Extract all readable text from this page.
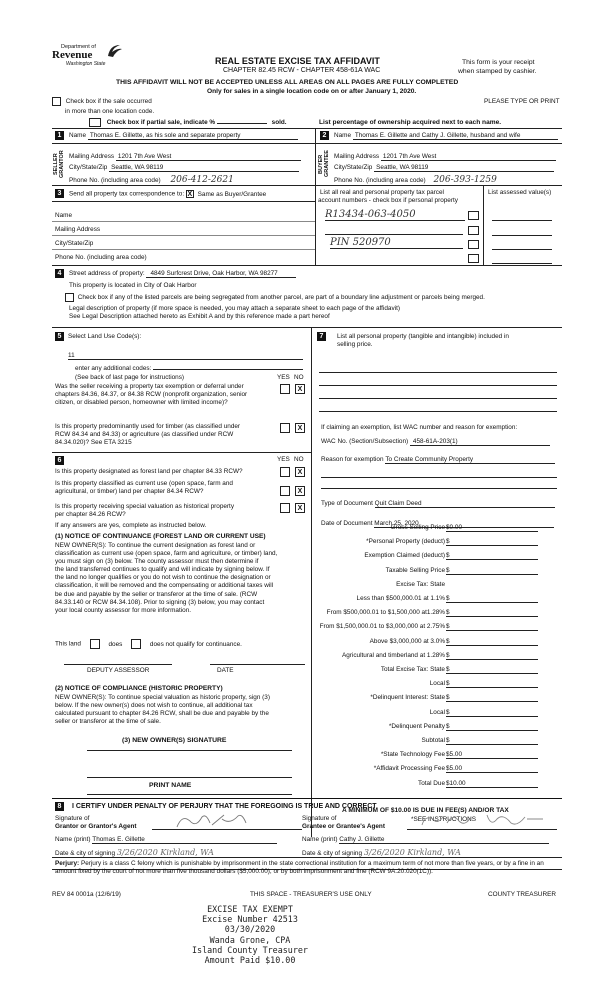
Department of
Revenue
Washington State	REAL ESTATE EXCISE TAX AFFIDAVIT
CHAPTER 82.45 RCW - CHAPTER 458-61A WAC
This form is your receipt
when stamped by cashier.
THIS AFFIDAVIT WILL NOT BE ACCEPTED UNLESS ALL AREAS ON ALL PAGES ARE FULLY COMPLETED
Only for sales in a single location code on or after January 1, 2020.
Check box if the sale occurred
in more than one location code.
PLEASE TYPE OR PRINT
Check box if partial sale, indicate %	sold.	List percentage of ownership acquired next to each name.
1
SELLER GRANTOR
Name Thomas E. Gillette, as his sole and separate property
Mailing Address 1201 7th Ave West
City/State/Zip Seattle, WA 98119
Phone No. (including area code) 206-412-2621
2
BUYER GRANTEE
Name Thomas E. Gillette and Cathy J. Gillette, husband and wife
Mailing Address 1201 7th Ave West
City/State/Zip Seattle, WA 98119
Phone No. (including area code) 206-393-1259
3	Send all property tax correspondence to: X Same as Buyer/Grantee
Name
Mailing Address
City/State/Zip
Phone No. (including area code)
List all real and personal property tax parcel
account numbers - check box if personal property
List assessed value(s)
R13434-063-4050
PIN 520970
4	Street address of property: 4849 Surfcrest Drive, Oak Harbor, WA 98277
This property is located in City of Oak Harbor
Check box if any of the listed parcels are being segregated from another parcel, are part of a boundary line adjustment or parcels being merged.
Legal description of property (if more space is needed, you may attach a separate sheet to each page of the affidavit)
See Legal Description attached hereto as Exhibit A and by this reference made a part hereof
5	Select Land Use Code(s):
11
enter any additional codes:
(See back of last page for instructions)	YES NO
Was the seller receiving a property tax exemption or deferral under
chapters 84.36, 84.37, or 84.38 RCW (nonprofit organization, senior
citizen, or disabled person, homeowner with limited income)?
X
Is this property predominantly used for timber (as classified under
RCW 84.34 and 84.33) or agriculture (as classified under RCW
84.34.020)? See ETA 3215
X
6	YES NO
Is this property designated as forest land per chapter 84.33 RCW?	X
Is this property classified as current use (open space, farm and
agricultural, or timber) land per chapter 84.34 RCW?	X
Is this property receiving special valuation as historical property
per chapter 84.26 RCW?
X
If any answers are yes, complete as instructed below.
(1) NOTICE OF CONTINUANCE (FOREST LAND OR CURRENT USE)
NEW OWNER(S): To continue the current designation as forest land or
classification as current use (open space, farm and agriculture, or timber) land,
you must sign on (3) below. The county assessor must then determine if
the land transferred continues to qualify and will indicate by signing below. If
the land no longer qualifies or you do not wish to continue the designation or
classification, it will be removed and the compensating or additional taxes will
be due and payable by the seller or transferor at the time of sale. (RCW
84.33.140 or RCW 84.34.108). Prior to signing (3) below, you may contact
your local county assessor for more information.
This land	does	does not qualify for continuance.
DEPUTY ASSESSOR	DATE
(2) NOTICE OF COMPLIANCE (HISTORIC PROPERTY)
NEW OWNER(S): To continue special valuation as historic property, sign (3)
below. If the new owner(s) does not wish to continue, all additional tax
calculated pursuant to chapter 84.26 RCW, shall be due and payable by the
seller or transferor at the time of sale.
(3) NEW OWNER(S) SIGNATURE
PRINT NAME
7	List all personal property (tangible and intangible) included in
selling price.
If claiming an exemption, list WAC number and reason for exemption:
WAC No. (Section/Subsection) 458-61A-203(1)
Reason for exemption To Create Community Property
Type of Document Quit Claim Deed
Date of Document March 25, 2020
Gross Selling Price $0.00
*Personal Property (deduct) $
Exemption Claimed (deduct) $
Taxable Selling Price $
Excise Tax: State
Less than $500,000.01 at 1.1% $
From $500,000.01 to $1,500,000 at1.28% $
From $1,500,000.01 to $3,000,000 at 2.75% $
Above $3,000,000 at 3.0% $
Agricultural and timberland at 1.28% $
Total Excise Tax: State $
Local $
*Delinquent Interest: State $
Local $
*Delinquent Penalty $
Subtotal $
*State Technology Fee $5.00
*Affidavit Processing Fee $5.00
Total Due $10.00
A MINIMUM OF $10.00 IS DUE IN FEE(S) AND/OR TAX
*SEE INSTRUCTIONS
8	I CERTIFY UNDER PENALTY OF PERJURY THAT THE FOREGOING IS TRUE AND CORRECT
Signature of
Grantor or Grantor's Agent
Signature of
Grantee or Grantee's Agent
Name (print) Thomas E. Gillette	Name (print) Cathy J. Gillette
Date & city of signing 3/26/2020 Kirkland, WA	Date & city of signing 3/26/2020 Kirkland, WA
Perjury: Perjury is a class C felony which is punishable by imprisonment in the state correctional institution for a maximum term of not more than five years, or by a fine in an amount fixed by the court of not more than five thousand dollars ($5,000.00), or by both imprisonment and fine (RCW 9A.20.020(1C)).
REV 84 0001a (12/6/19)	THIS SPACE - TREASURER'S USE ONLY	COUNTY TREASURER
EXCISE TAX EXEMPT
Excise Number 42513
03/30/2020
Wanda Grone, CPA
Island County Treasurer
Amount Paid $10.00
